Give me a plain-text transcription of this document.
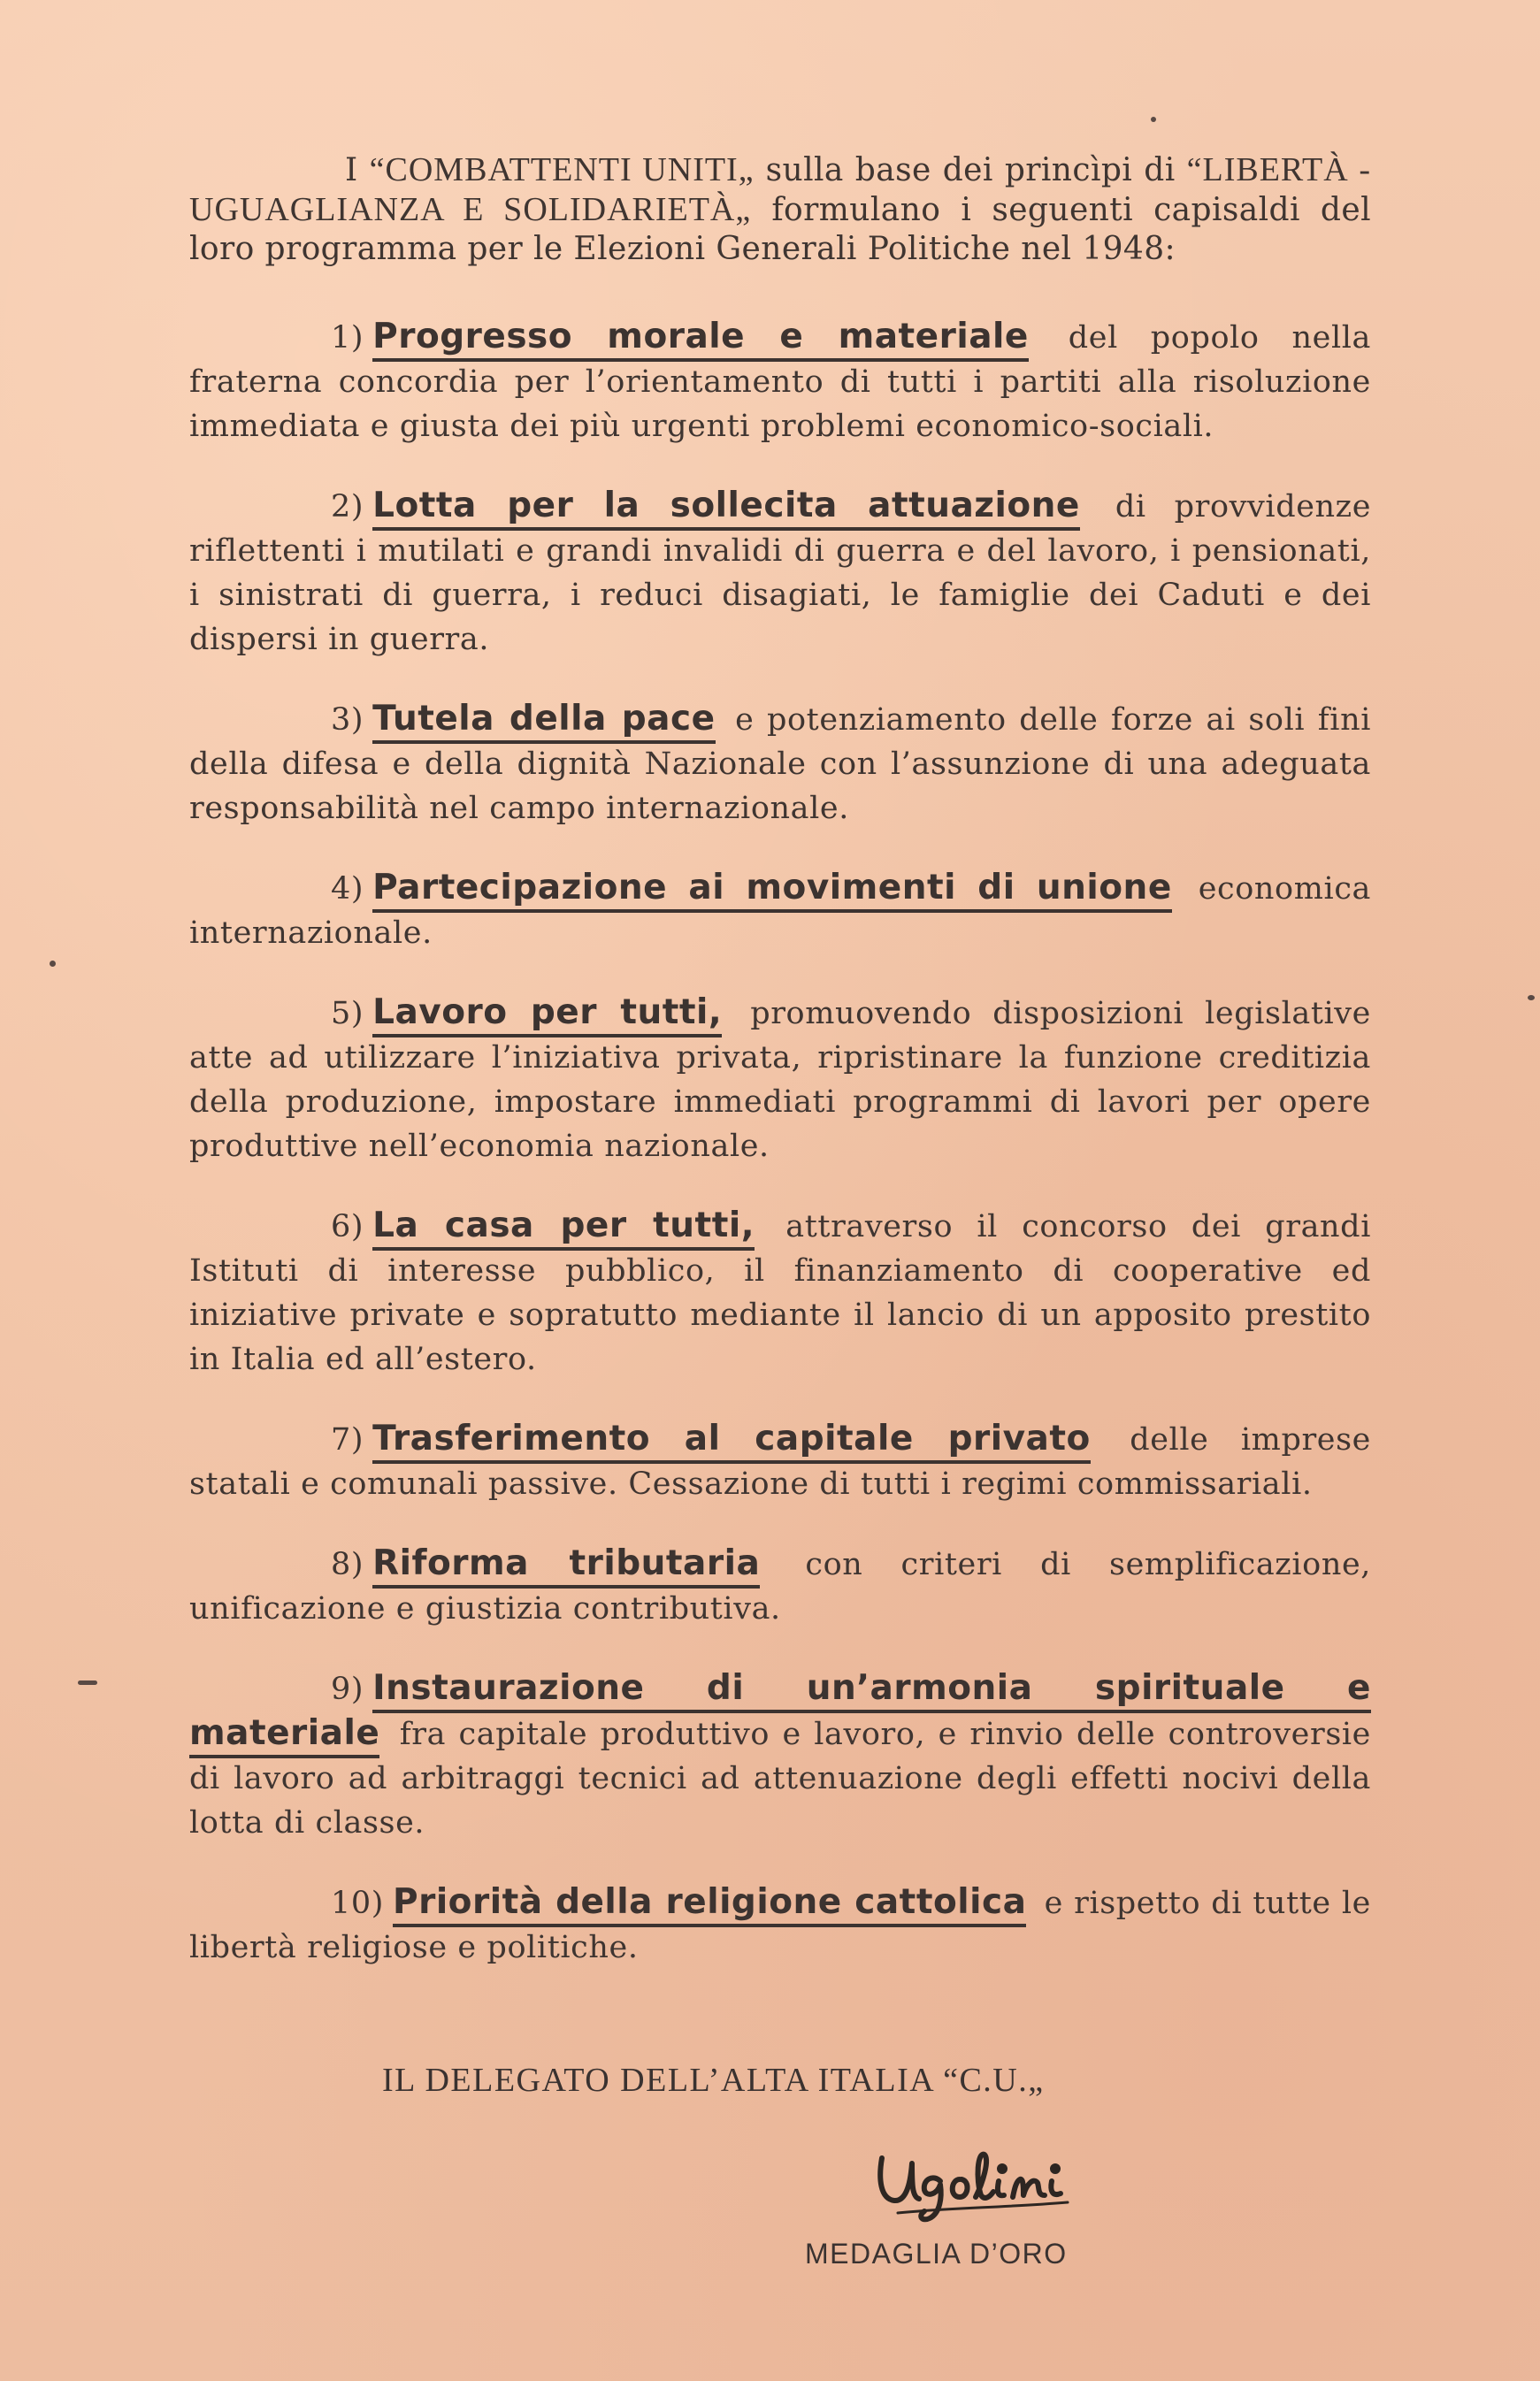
I “COMBATTENTI UNITI„ sulla base dei princìpi di “LIBERTÀ - UGUAGLIANZA E SOLIDARIETÀ„ formulano i seguenti capisaldi del loro programma per le Elezioni Generali Politiche nel 1948:

1) Progresso morale e materiale del popolo nella fraterna concordia per l’orientamento di tutti i partiti alla risoluzione immediata e giusta dei più urgenti problemi economico-sociali.

2) Lotta per la sollecita attuazione di provvidenze riflettenti i mutilati e grandi invalidi di guerra e del lavoro, i pensionati, i sinistrati di guerra, i reduci disagiati, le famiglie dei Caduti e dei dispersi in guerra.

3) Tutela della pace e potenziamento delle forze ai soli fini della difesa e della dignità Nazionale con l’assunzione di una adeguata responsabilità nel campo internazionale.

4) Partecipazione ai movimenti di unione economica internazionale.

5) Lavoro per tutti, promuovendo disposizioni legislative atte ad utilizzare l’iniziativa privata, ripristinare la funzione creditizia della produzione, impostare immediati programmi di lavori per opere produttive nell’economia nazionale.

6) La casa per tutti, attraverso il concorso dei grandi Istituti di interesse pubblico, il finanziamento di cooperative ed iniziative private e sopratutto mediante il lancio di un apposito prestito in Italia ed all’estero.

7) Trasferimento al capitale privato delle imprese statali e comunali passive. Cessazione di tutti i regimi commissariali.

8) Riforma tributaria con criteri di semplificazione, unificazione e giustizia contributiva.

9) Instaurazione di un’armonia spirituale e materiale fra capitale produttivo e lavoro, e rinvio delle controversie di lavoro ad arbitraggi tecnici ad attenuazione degli effetti nocivi della lotta di classe.

10) Priorità della religione cattolica e rispetto di tutte le libertà religiose e politiche.

IL DELEGATO DELL’ALTA ITALIA “C.U.„
MEDAGLIA D’ORO
